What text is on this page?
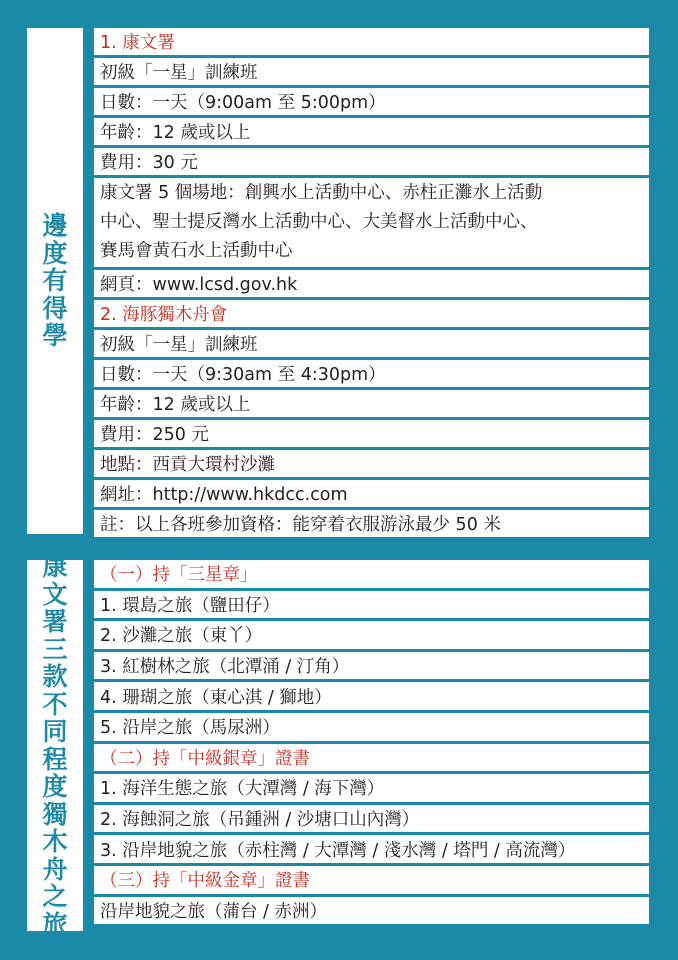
邊
度
有
得
學
1. 康文署
初級「一星」訓練班
日數：一天（9:00am 至 5:00pm）
年齡：12 歲或以上
費用：30 元
康文署 5 個場地：創興水上活動中心、赤柱正灘水上活動
中心、聖士提反灣水上活動中心、大美督水上活動中心、
賽馬會黃石水上活動中心
網頁：www.lcsd.gov.hk
2. 海豚獨木舟會
初級「一星」訓練班
日數：一天（9:30am 至 4:30pm）
年齡：12 歲或以上
費用：250 元
地點：西貢大環村沙灘
網址：http://www.hkdcc.com
註：以上各班參加資格：能穿着衣服游泳最少 50 米
康
文
署
三
款
不
同
程
度
獨
木
舟
之
旅
（一）持「三星章」
1. 環島之旅（鹽田仔）
2. 沙灘之旅（東丫）
3. 紅樹林之旅（北潭涌 / 汀角）
4. 珊瑚之旅（東心淇 / 獅地）
5. 沿岸之旅（馬尿洲）
（二）持「中級銀章」證書
1. 海洋生態之旅（大潭灣 / 海下灣）
2. 海蝕洞之旅（吊鍾洲 / 沙塘口山內灣）
3. 沿岸地貌之旅（赤柱灣 / 大潭灣 / 淺水灣 / 塔門 / 高流灣）
（三）持「中級金章」證書
沿岸地貌之旅（蒲台 / 赤洲）
